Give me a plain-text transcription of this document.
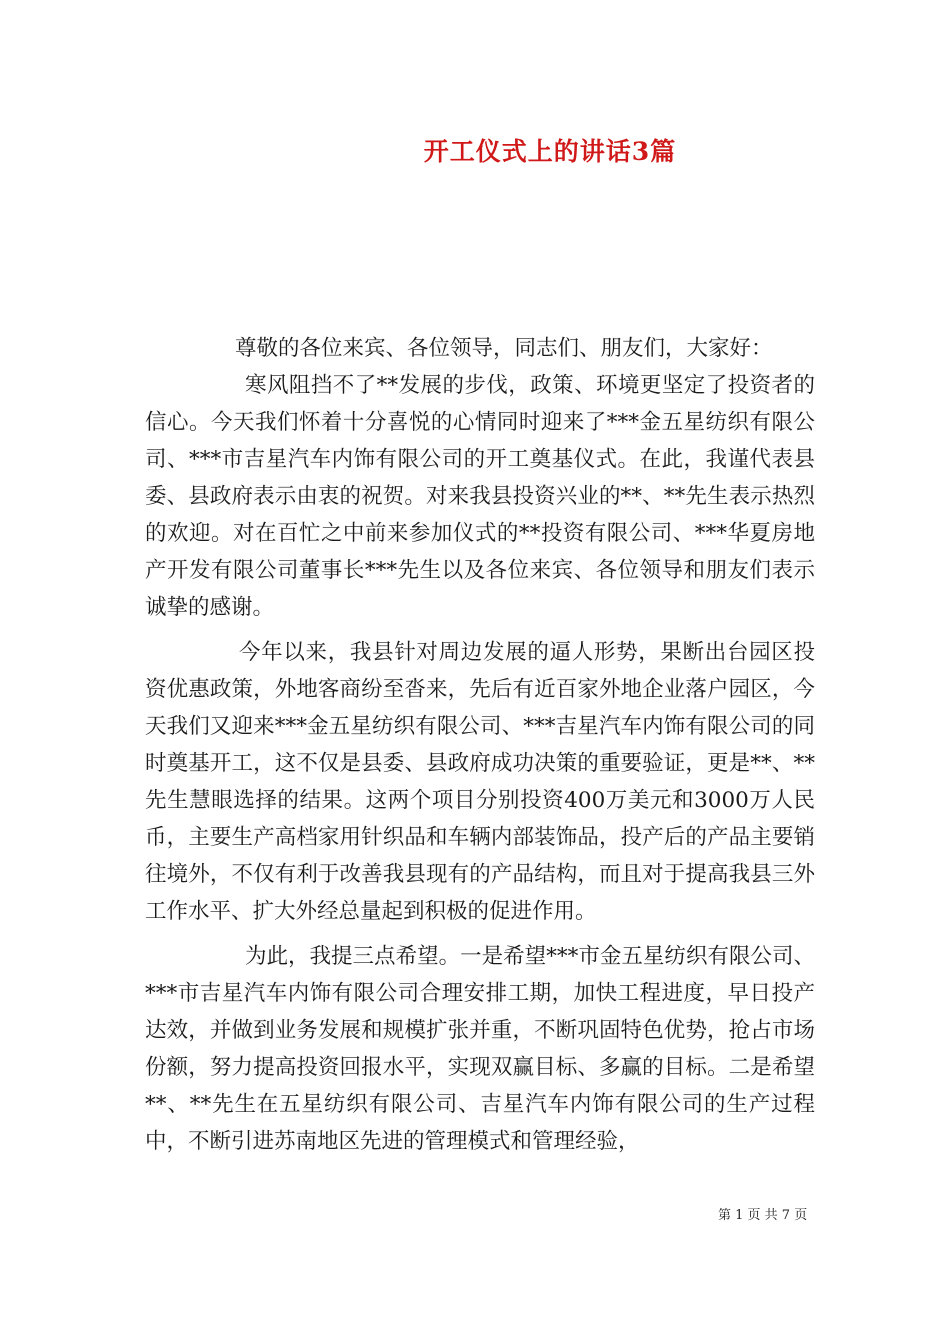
开工仪式上的讲话3篇

尊敬的各位来宾、各位领导，同志们、朋友们，大家好：

寒风阻挡不了**发展的步伐，政策、环境更坚定了投资者的信心。今天我们怀着十分喜悦的心情同时迎来了***金五星纺织有限公司、***市吉星汽车内饰有限公司的开工奠基仪式。在此，我谨代表县委、县政府表示由衷的祝贺。对来我县投资兴业的**、**先生表示热烈的欢迎。对在百忙之中前来参加仪式的**投资有限公司、***华夏房地产开发有限公司董事长***先生以及各位来宾、各位领导和朋友们表示诚挚的感谢。

今年以来，我县针对周边发展的逼人形势，果断出台园区投资优惠政策，外地客商纷至沓来，先后有近百家外地企业落户园区，今天我们又迎来***金五星纺织有限公司、***吉星汽车内饰有限公司的同时奠基开工，这不仅是县委、县政府成功决策的重要验证，更是**、**先生慧眼选择的结果。这两个项目分别投资400万美元和3000万人民币，主要生产高档家用针织品和车辆内部装饰品，投产后的产品主要销往境外，不仅有利于改善我县现有的产品结构，而且对于提高我县三外工作水平、扩大外经总量起到积极的促进作用。

为此，我提三点希望。一是希望***市金五星纺织有限公司、***市吉星汽车内饰有限公司合理安排工期，加快工程进度，早日投产达效，并做到业务发展和规模扩张并重，不断巩固特色优势，抢占市场份额，努力提高投资回报水平，实现双赢目标、多赢的目标。二是希望**、**先生在五星纺织有限公司、吉星汽车内饰有限公司的生产过程中，不断引进苏南地区先进的管理模式和管理经验，

第 1 页 共 7 页
